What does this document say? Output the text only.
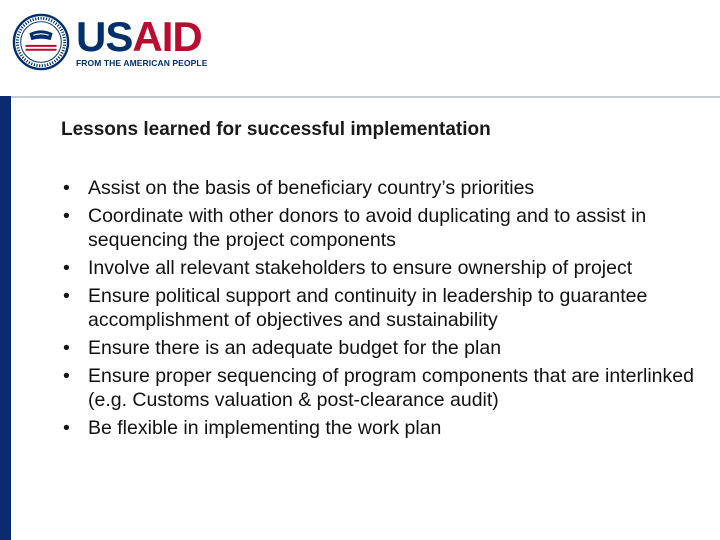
USAID
FROM THE AMERICAN PEOPLE
Lessons learned for successful implementation
• Assist on the basis of beneficiary country’s priorities
• Coordinate with other donors to avoid duplicating and to assist in sequencing the project components
• Involve all relevant stakeholders to ensure ownership of project
• Ensure political support and continuity in leadership to guarantee accomplishment of objectives and sustainability
• Ensure there is an adequate budget for the plan
• Ensure proper sequencing of program components that are interlinked (e.g. Customs valuation & post-clearance audit)
• Be flexible in implementing the work plan
